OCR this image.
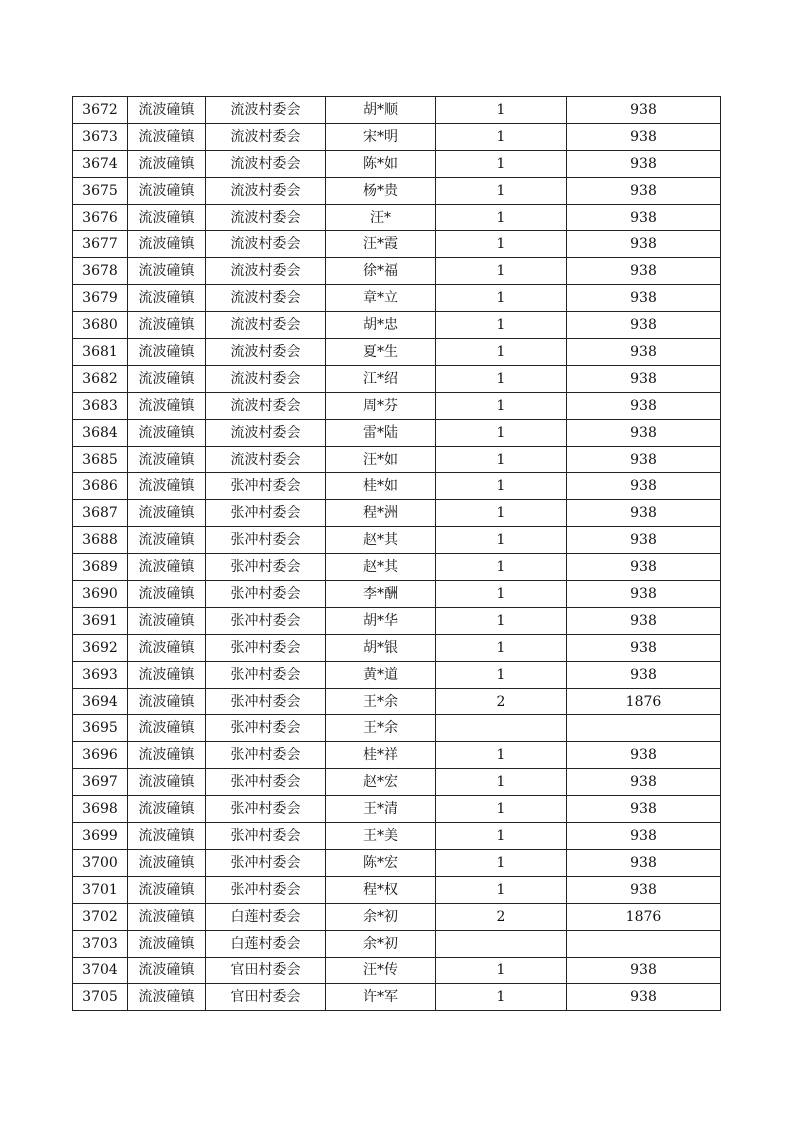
3672	流波䃥镇	流波村委会	胡*顺	1	938
3673	流波䃥镇	流波村委会	宋*明	1	938
3674	流波䃥镇	流波村委会	陈*如	1	938
3675	流波䃥镇	流波村委会	杨*贵	1	938
3676	流波䃥镇	流波村委会	汪*	1	938
3677	流波䃥镇	流波村委会	汪*霞	1	938
3678	流波䃥镇	流波村委会	徐*福	1	938
3679	流波䃥镇	流波村委会	章*立	1	938
3680	流波䃥镇	流波村委会	胡*忠	1	938
3681	流波䃥镇	流波村委会	夏*生	1	938
3682	流波䃥镇	流波村委会	江*绍	1	938
3683	流波䃥镇	流波村委会	周*芬	1	938
3684	流波䃥镇	流波村委会	雷*陆	1	938
3685	流波䃥镇	流波村委会	汪*如	1	938
3686	流波䃥镇	张冲村委会	桂*如	1	938
3687	流波䃥镇	张冲村委会	程*洲	1	938
3688	流波䃥镇	张冲村委会	赵*其	1	938
3689	流波䃥镇	张冲村委会	赵*其	1	938
3690	流波䃥镇	张冲村委会	李*酬	1	938
3691	流波䃥镇	张冲村委会	胡*华	1	938
3692	流波䃥镇	张冲村委会	胡*银	1	938
3693	流波䃥镇	张冲村委会	黄*道	1	938
3694	流波䃥镇	张冲村委会	王*余	2	1876
3695	流波䃥镇	张冲村委会	王*余		
3696	流波䃥镇	张冲村委会	桂*祥	1	938
3697	流波䃥镇	张冲村委会	赵*宏	1	938
3698	流波䃥镇	张冲村委会	王*清	1	938
3699	流波䃥镇	张冲村委会	王*美	1	938
3700	流波䃥镇	张冲村委会	陈*宏	1	938
3701	流波䃥镇	张冲村委会	程*权	1	938
3702	流波䃥镇	白莲村委会	余*初	2	1876
3703	流波䃥镇	白莲村委会	余*初		
3704	流波䃥镇	官田村委会	汪*传	1	938
3705	流波䃥镇	官田村委会	许*军	1	938
